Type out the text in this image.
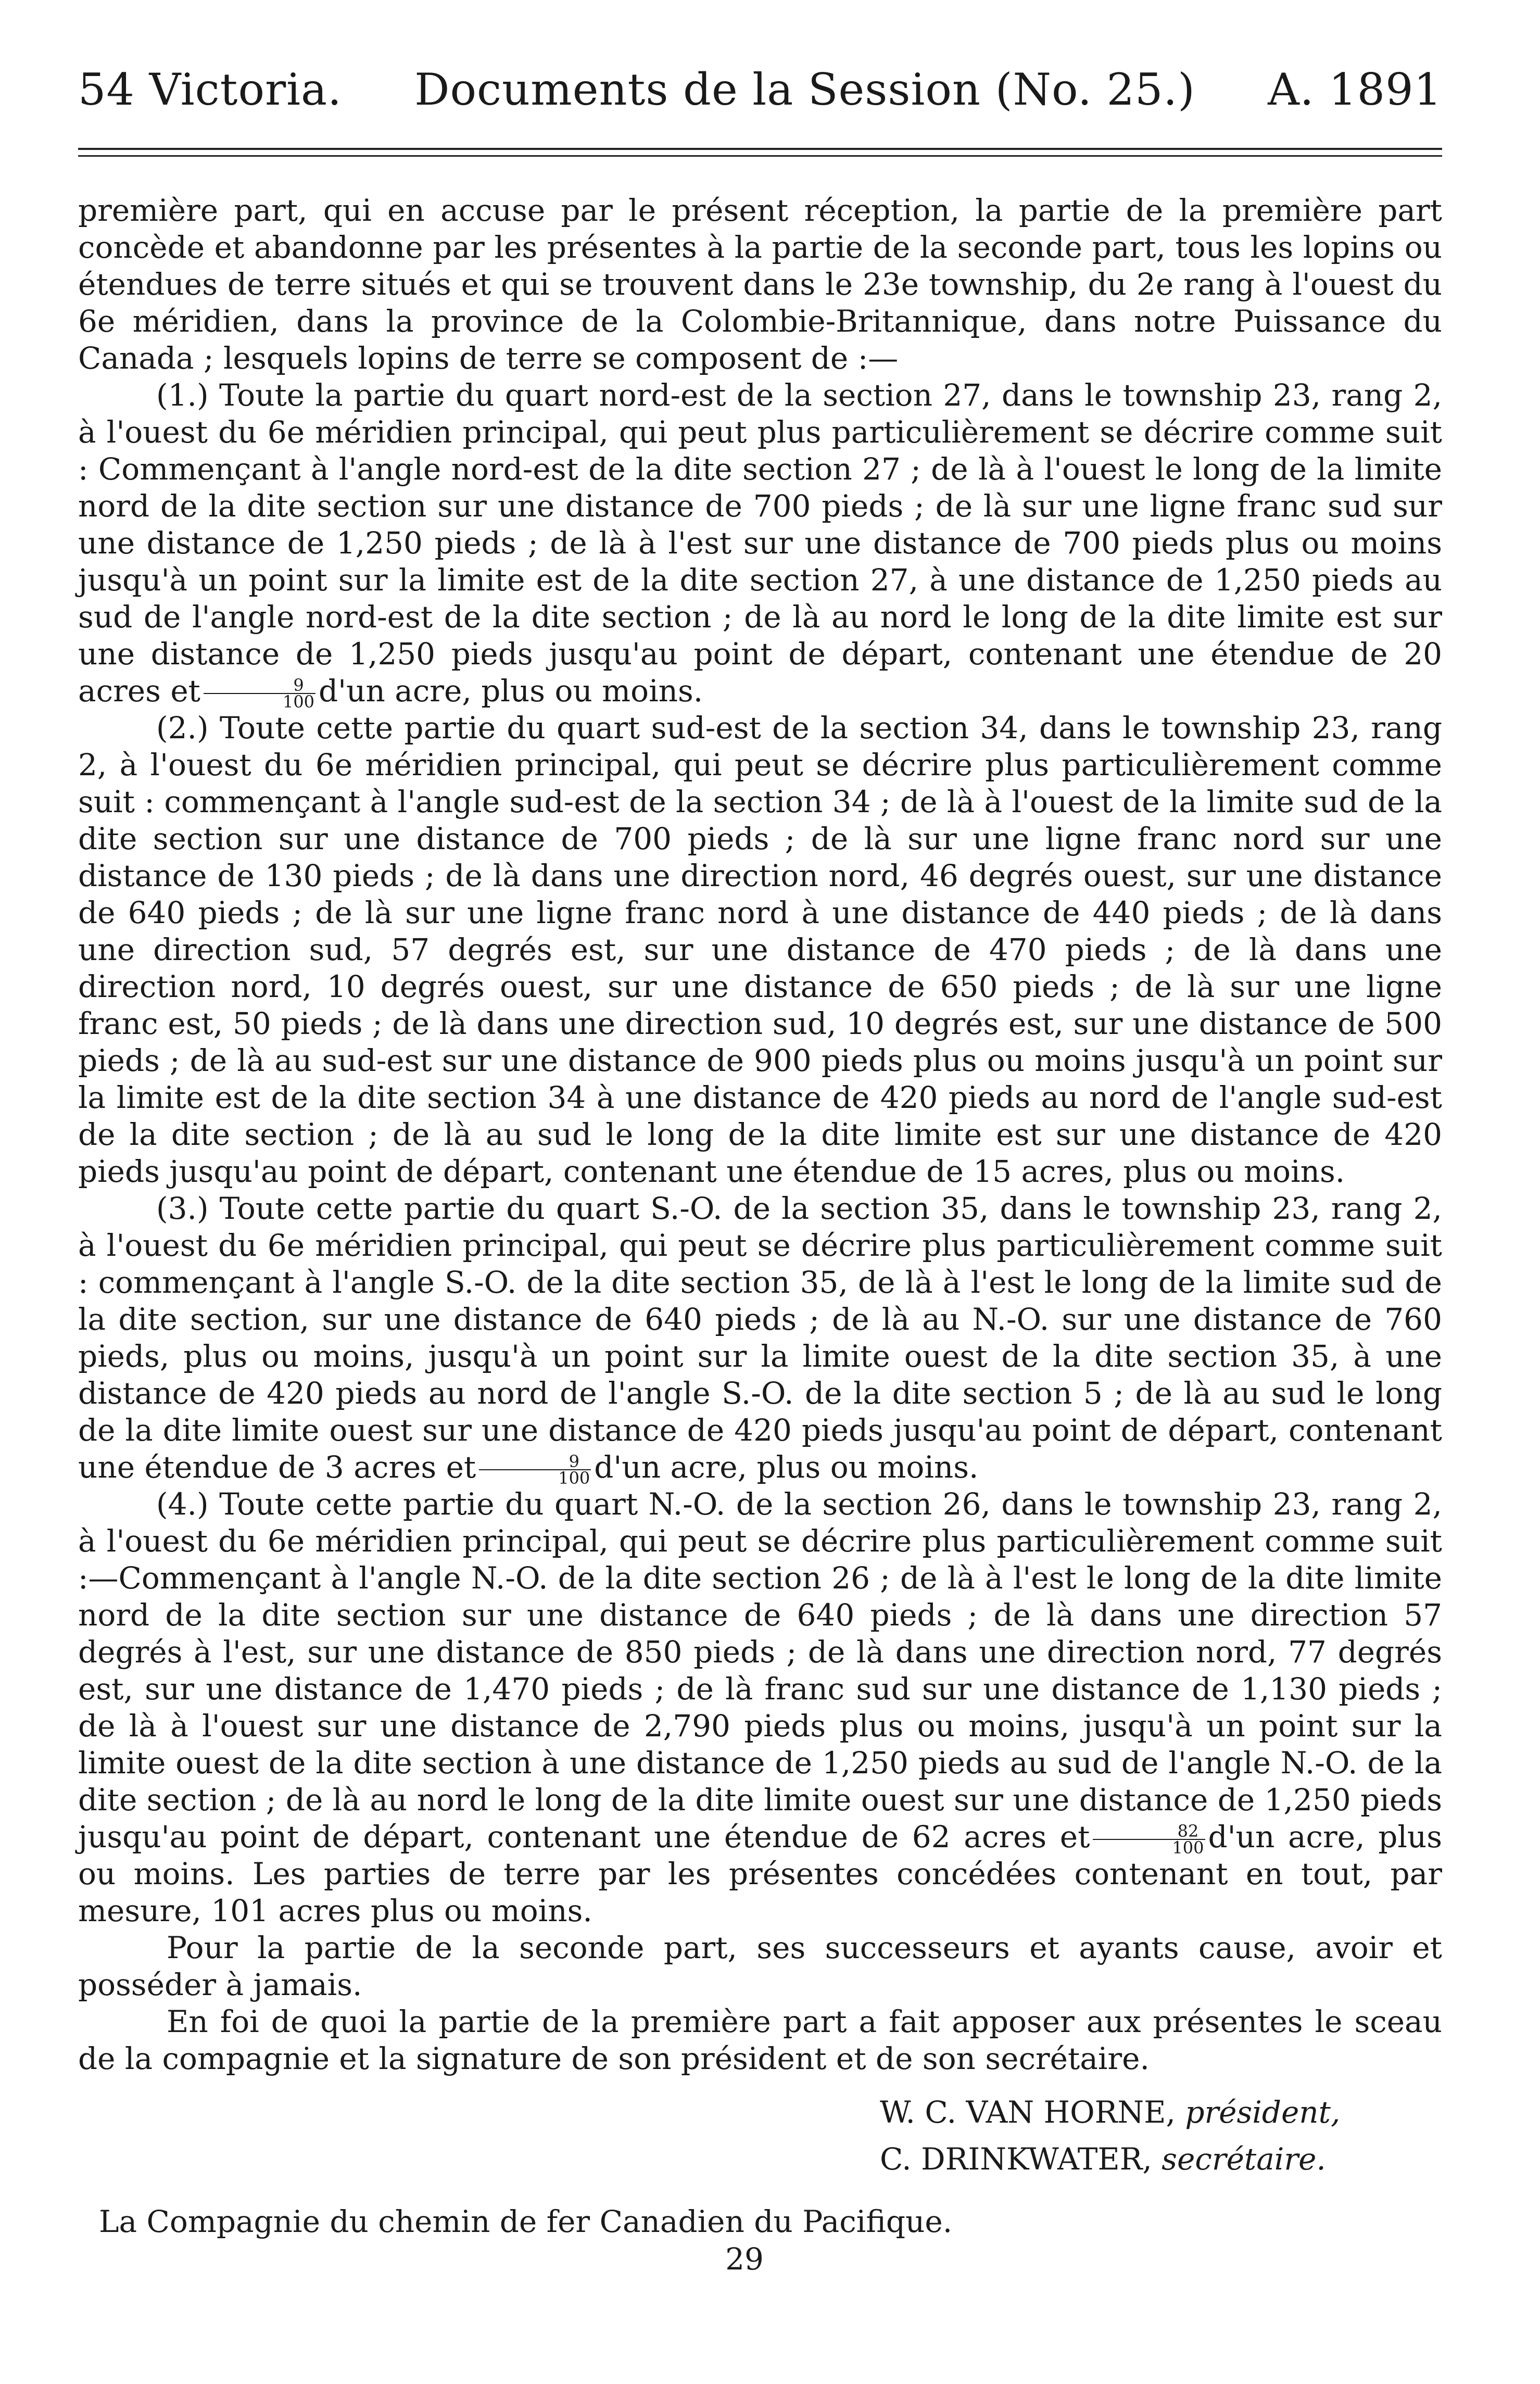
54 Victoria. Documents de la Session (No. 25.) A. 1891

première part, qui en accuse par le présent réception, la partie de la première part concède et abandonne par les présentes à la partie de la seconde part, tous les lopins ou étendues de terre situés et qui se trouvent dans le 23e township, du 2e rang à l'ouest du 6e méridien, dans la province de la Colombie-Britannique, dans notre Puissance du Canada ; lesquels lopins de terre se composent de :—

(1.) Toute la partie du quart nord-est de la section 27, dans le township 23, rang 2, à l'ouest du 6e méridien principal, qui peut plus particulièrement se décrire comme suit : Commençant à l'angle nord-est de la dite section 27 ; de là à l'ouest le long de la limite nord de la dite section sur une distance de 700 pieds ; de là sur une ligne franc sud sur une distance de 1,250 pieds ; de là à l'est sur une distance de 700 pieds plus ou moins jusqu'à un point sur la limite est de la dite section 27, à une distance de 1,250 pieds au sud de l'angle nord-est de la dite section ; de là au nord le long de la dite limite est sur une distance de 1,250 pieds jusqu'au point de départ, contenant une étendue de 20 acres et $\frac{9}{100} d'un$ acre, plus ou moins.

(2.) Toute cette partie du quart sud-est de la section 34, dans le township 23, rang 2, à l'ouest du 6e méridien principal, qui peut se décrire plus particulièrement comme suit : commençant à l'angle sud-est de la section 34 ; de là à l'ouest de la limite sud de la dite section sur une distance de 700 pieds ; de là sur une ligne franc nord sur une distance de 130 pieds ; de là dans une direction nord, 46 degrés ouest, sur une distance de 640 pieds ; de là sur une ligne franc nord à une distance de 440 pieds ; de là dans une direction sud, 57 degrés est, sur une distance de 470 pieds ; de là dans une direction nord, 10 degrés ouest, sur une distance de 650 pieds ; de là sur une ligne franc est, 50 pieds ; de là dans une direction sud, 10 degrés est, sur une distance de 500 pieds ; de là au sud-est sur une distance de 900 pieds plus ou moins jusqu'à un point sur la limite est de la dite section 34 à une distance de 420 pieds au nord de l'angle sud-est de la dite section ; de là au sud le long de la dite limite est sur une distance de 420 pieds jusqu'au point de départ, contenant une étendue de 15 acres, plus ou moins.

(3.) Toute cette partie du quart S.-O. de la section 35, dans le township 23, rang 2, à l'ouest du 6e méridien principal, qui peut se décrire plus particulièrement comme suit : commençant à l'angle S.-O. de la dite section 35, de là à l'est le long de la limite sud de la dite section, sur une distance de 640 pieds ; de là au N.-O. sur une distance de 760 pieds, plus ou moins, jusqu'à un point sur la limite ouest de la dite section 35, à une distance de 420 pieds au nord de l'angle S.-O. de la dite section 5 ; de là au sud le long de la dite limite ouest sur une distance de 420 pieds jusqu'au point de départ, contenant une étendue de 3 acres et $\frac{9}{100} d'un$ acre, plus ou moins.

(4.) Toute cette partie du quart N.-O. de la section 26, dans le township 23, rang 2, à l'ouest du 6e méridien principal, qui peut se décrire plus particulièrement comme suit :—Commençant à l'angle N.-O. de la dite section 26 ; de là à l'est le long de la dite limite nord de la dite section sur une distance de 640 pieds ; de là dans une direction 57 degrés à l'est, sur une distance de 850 pieds ; de là dans une direction nord, 77 degrés est, sur une distance de 1,470 pieds ; de là franc sud sur une distance de 1,130 pieds ; de là à l'ouest sur une distance de 2,790 pieds plus ou moins, jusqu'à un point sur la limite ouest de la dite section à une distance de 1,250 pieds au sud de l'angle N.-O. de la dite section ; de là au nord le long de la dite limite ouest sur une distance de 1,250 pieds jusqu'au point de départ, contenant une étendue de 62 acres et $\frac{82}{100} d'un$ acre, plus ou moins. Les parties de terre par les présentes concédées contenant en tout, par mesure, 101 acres plus ou moins.

Pour la partie de la seconde part, ses successeurs et ayants cause, avoir et posséder à jamais.

En foi de quoi la partie de la première part a fait apposer aux présentes le sceau de la compagnie et la signature de son président et de son secrétaire.

W. C. VAN HORNE, président,
C. DRINKWATER, secrétaire.
La Compagnie du chemin de fer Canadien du Pacifique.
29
